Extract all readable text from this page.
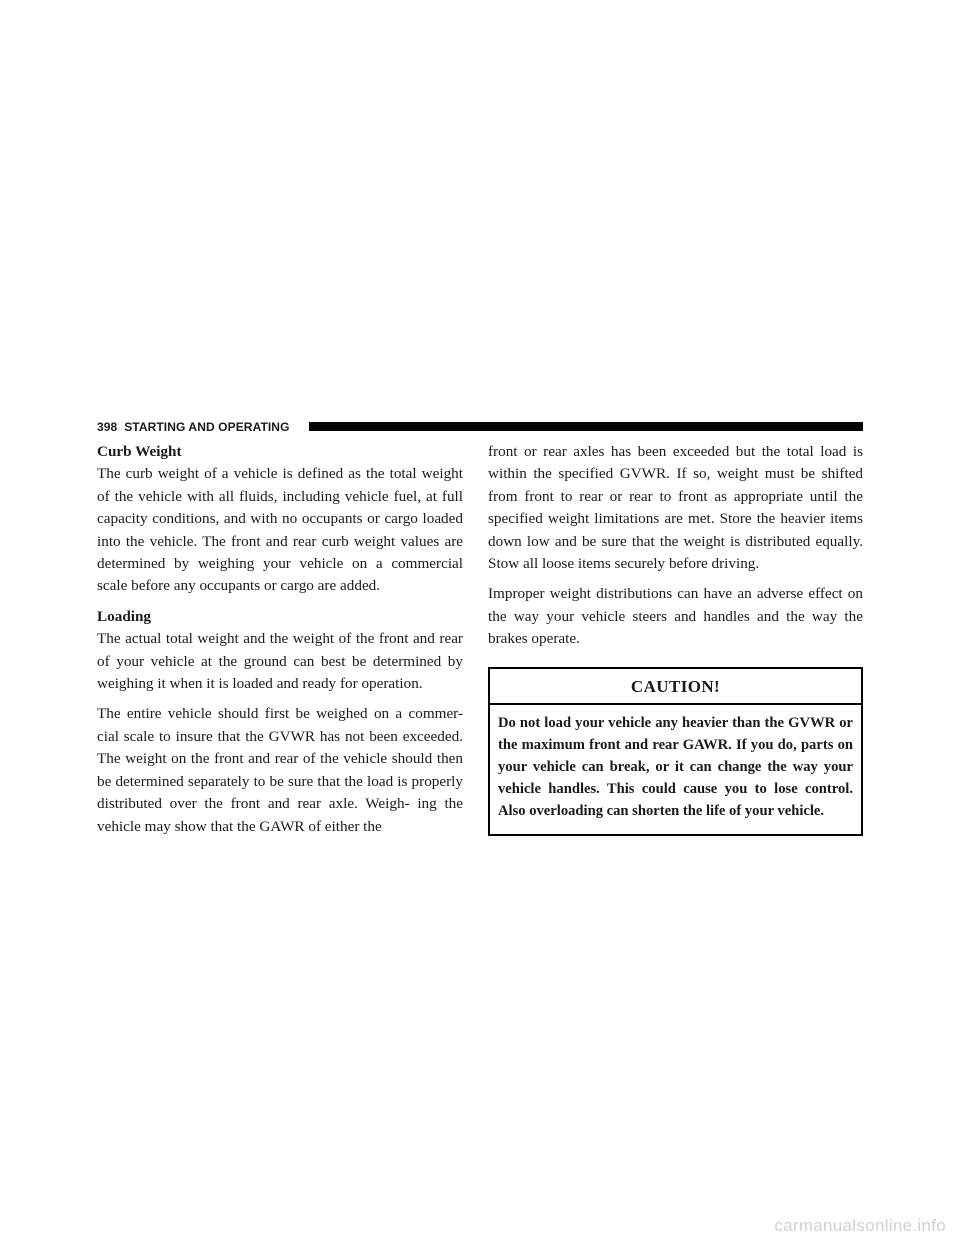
398 STARTING AND OPERATING
Curb Weight

The curb weight of a vehicle is defined as the total weight of the vehicle with all fluids, including vehicle fuel, at full capacity conditions, and with no occupants or cargo loaded into the vehicle. The front and rear curb weight values are determined by weighing your vehicle on a commercial scale before any occupants or cargo are added.

Loading

The actual total weight and the weight of the front and rear of your vehicle at the ground can best be determined by weighing it when it is loaded and ready for operation.

The entire vehicle should first be weighed on a commer- cial scale to insure that the GVWR has not been exceeded. The weight on the front and rear of the vehicle should then be determined separately to be sure that the load is properly distributed over the front and rear axle. Weigh- ing the vehicle may show that the GAWR of either the

front or rear axles has been exceeded but the total load is within the specified GVWR. If so, weight must be shifted from front to rear or rear to front as appropriate until the specified weight limitations are met. Store the heavier items down low and be sure that the weight is distributed equally. Stow all loose items securely before driving.

Improper weight distributions can have an adverse effect on the way your vehicle steers and handles and the way the brakes operate.

CAUTION!
Do not load your vehicle any heavier than the GVWR or the maximum front and rear GAWR. If you do, parts on your vehicle can break, or it can change the way your vehicle handles. This could cause you to lose control. Also overloading can shorten the life of your vehicle.
carmanualsonline.info
